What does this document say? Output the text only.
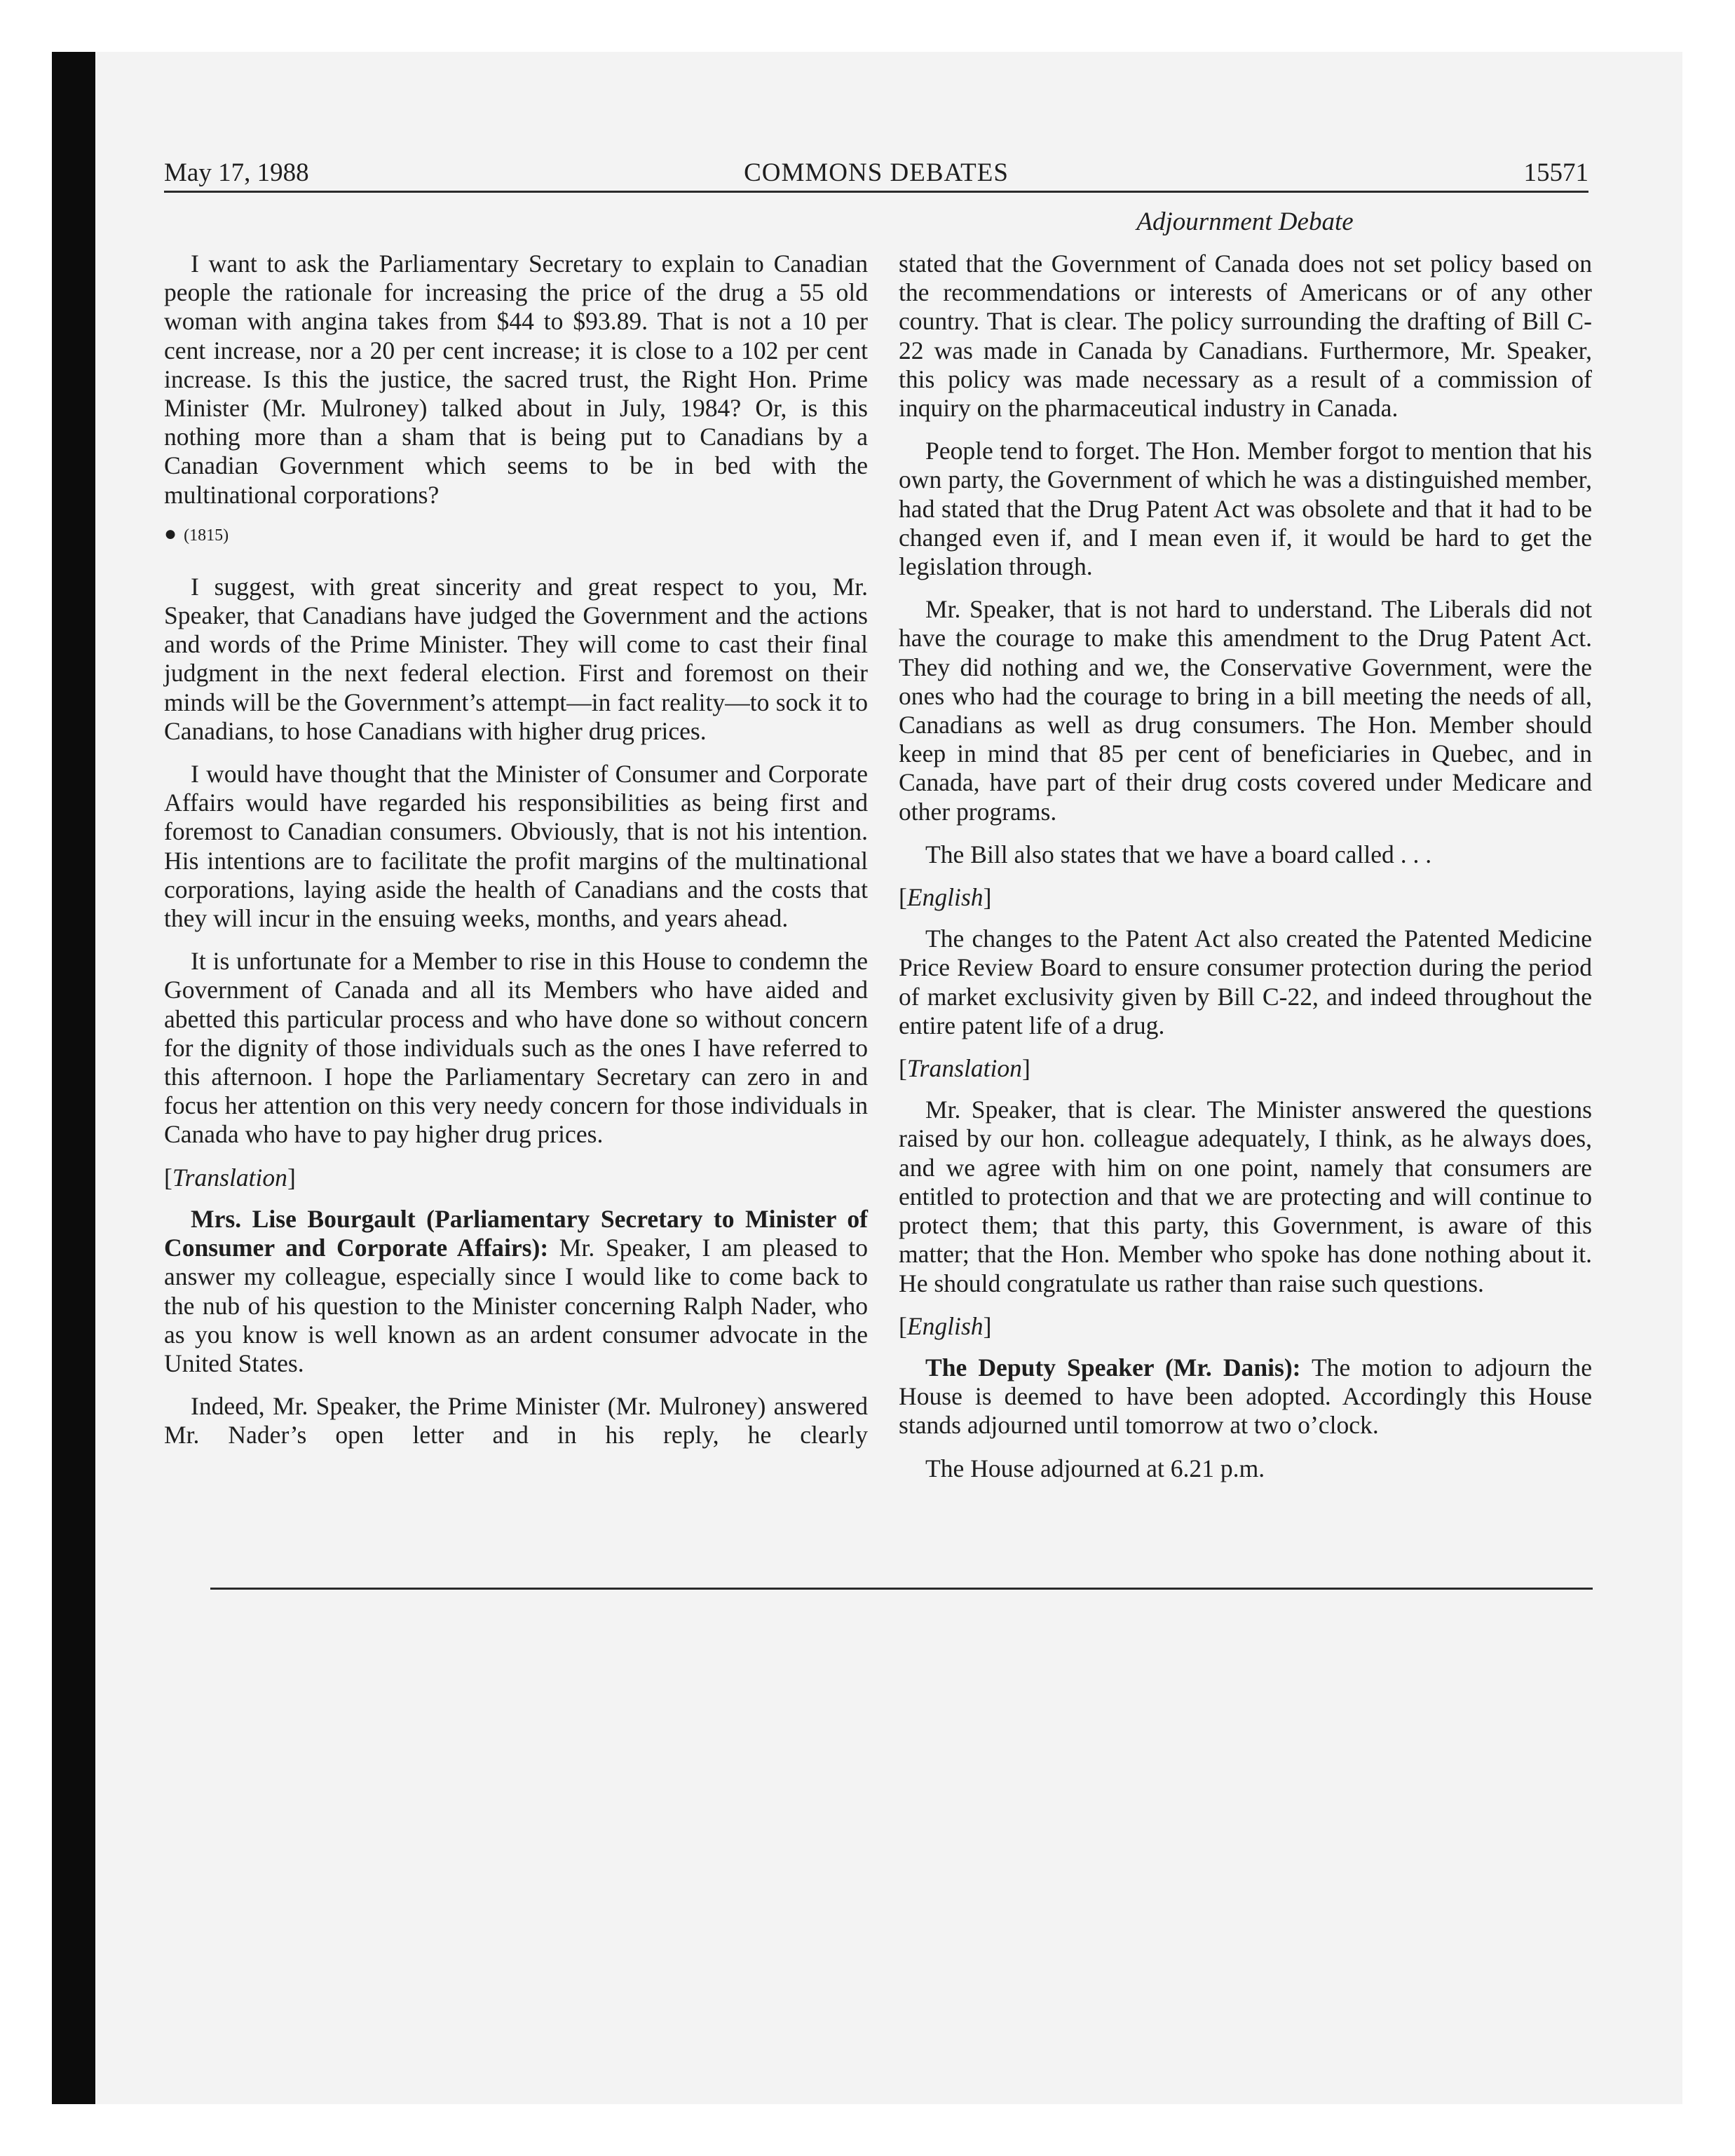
May 17, 1988	COMMONS DEBATES	15571
Adjournment Debate

I want to ask the Parliamentary Secretary to explain to Canadian people the rationale for increasing the price of the drug a 55 old woman with angina takes from $44 to $93.89. That is not a 10 per cent increase, nor a 20 per cent increase; it is close to a 102 per cent increase. Is this the justice, the sacred trust, the Right Hon. Prime Minister (Mr. Mulroney) talked about in July, 1984? Or, is this nothing more than a sham that is being put to Canadians by a Canadian Government which seems to be in bed with the multinational corporations?

● (1815)

I suggest, with great sincerity and great respect to you, Mr. Speaker, that Canadians have judged the Government and the actions and words of the Prime Minister. They will come to cast their final judgment in the next federal election. First and foremost on their minds will be the Government’s attempt—in fact reality—to sock it to Canadians, to hose Canadians with higher drug prices.

I would have thought that the Minister of Consumer and Corporate Affairs would have regarded his responsibilities as being first and foremost to Canadian consumers. Obviously, that is not his intention. His intentions are to facilitate the profit margins of the multinational corporations, laying aside the health of Canadians and the costs that they will incur in the ensuing weeks, months, and years ahead.

It is unfortunate for a Member to rise in this House to condemn the Government of Canada and all its Members who have aided and abetted this particular process and who have done so without concern for the dignity of those individuals such as the ones I have referred to this afternoon. I hope the Parliamentary Secretary can zero in and focus her attention on this very needy concern for those individuals in Canada who have to pay higher drug prices.

[Translation]

Mrs. Lise Bourgault (Parliamentary Secretary to Minister of Consumer and Corporate Affairs): Mr. Speaker, I am pleased to answer my colleague, especially since I would like to come back to the nub of his question to the Minister concerning Ralph Nader, who as you know is well known as an ardent consumer advocate in the United States.

Indeed, Mr. Speaker, the Prime Minister (Mr. Mulroney) answered Mr. Nader’s open letter and in his reply, he clearly

stated that the Government of Canada does not set policy based on the recommendations or interests of Americans or of any other country. That is clear. The policy surrounding the drafting of Bill C-22 was made in Canada by Canadians. Furthermore, Mr. Speaker, this policy was made necessary as a result of a commission of inquiry on the pharmaceutical industry in Canada.

People tend to forget. The Hon. Member forgot to mention that his own party, the Government of which he was a distinguished member, had stated that the Drug Patent Act was obsolete and that it had to be changed even if, and I mean even if, it would be hard to get the legislation through.

Mr. Speaker, that is not hard to understand. The Liberals did not have the courage to make this amendment to the Drug Patent Act. They did nothing and we, the Conservative Government, were the ones who had the courage to bring in a bill meeting the needs of all, Canadians as well as drug consumers. The Hon. Member should keep in mind that 85 per cent of beneficiaries in Quebec, and in Canada, have part of their drug costs covered under Medicare and other programs.

The Bill also states that we have a board called . . .

[English]

The changes to the Patent Act also created the Patented Medicine Price Review Board to ensure consumer protection during the period of market exclusivity given by Bill C-22, and indeed throughout the entire patent life of a drug.

[Translation]

Mr. Speaker, that is clear. The Minister answered the questions raised by our hon. colleague adequately, I think, as he always does, and we agree with him on one point, namely that consumers are entitled to protection and that we are protecting and will continue to protect them; that this party, this Government, is aware of this matter; that the Hon. Member who spoke has done nothing about it. He should congratulate us rather than raise such questions.

[English]

The Deputy Speaker (Mr. Danis): The motion to adjourn the House is deemed to have been adopted. Accordingly this House stands adjourned until tomorrow at two o’clock.

The House adjourned at 6.21 p.m.
